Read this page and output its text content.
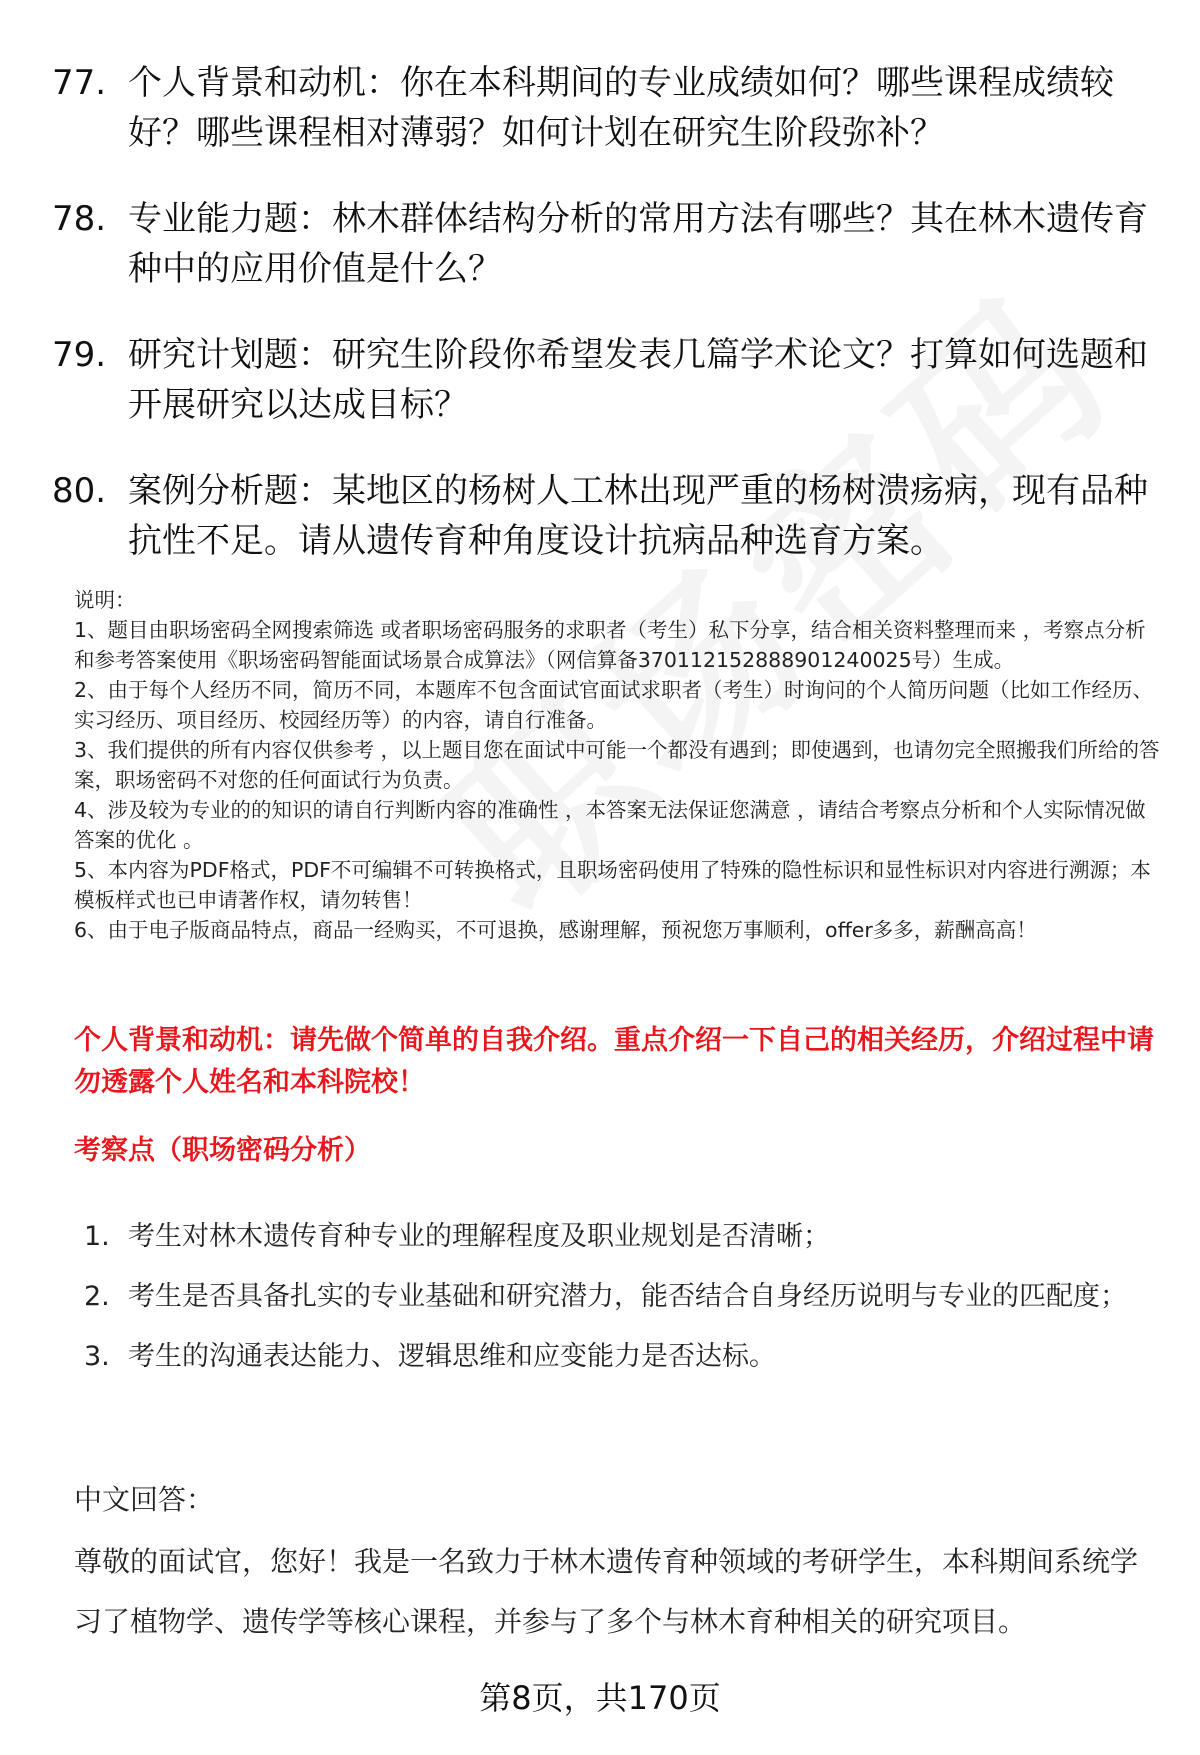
77. 个人背景和动机：你在本科期间的专业成绩如何？哪些课程成绩较好？哪些课程相对薄弱？如何计划在研究生阶段弥补？
78. 专业能力题：林木群体结构分析的常用方法有哪些？其在林木遗传育种中的应用价值是什么？
79. 研究计划题：研究生阶段你希望发表几篇学术论文？打算如何选题和开展研究以达成目标？
80. 案例分析题：某地区的杨树人工林出现严重的杨树溃疡病，现有品种抗性不足。请从遗传育种角度设计抗病品种选育方案。

说明：

1、题目由职场密码全网搜索筛选 或者职场密码服务的求职者（考生）私下分享，结合相关资料整理而来 ，考察点分析和参考答案使用《职场密码智能面试场景合成算法》（网信算备370112152888901240025号）生成。

2、由于每个人经历不同，简历不同，本题库不包含面试官面试求职者（考生）时询问的个人简历问题（比如工作经历、实习经历、项目经历、校园经历等）的内容，请自行准备。

3、我们提供的所有内容仅供参考 ，以上题目您在面试中可能一个都没有遇到；即使遇到，也请勿完全照搬我们所给的答案，职场密码不对您的任何面试行为负责。

4、涉及较为专业的的知识的请自行判断内容的准确性 ，本答案无法保证您满意 ，请结合考察点分析和个人实际情况做答案的优化 。

5、本内容为PDF格式，PDF不可编辑不可转换格式，且职场密码使用了特殊的隐性标识和显性标识对内容进行溯源；本模板样式也已申请著作权，请勿转售！

6、由于电子版商品特点，商品一经购买，不可退换，感谢理解，预祝您万事顺利，offer多多，薪酬高高！

个人背景和动机：请先做个简单的自我介绍。重点介绍一下自己的相关经历，介绍过程中请勿透露个人姓名和本科院校！
考察点（职场密码分析）
1. 考生对林木遗传育种专业的理解程度及职业规划是否清晰；
2. 考生是否具备扎实的专业基础和研究潜力，能否结合自身经历说明与专业的匹配度；
3. 考生的沟通表达能力、逻辑思维和应变能力是否达标。
中文回答：
尊敬的面试官，您好！我是一名致力于林木遗传育种领域的考研学生，本科期间系统学习了植物学、遗传学等核心课程，并参与了多个与林木育种相关的研究项目。
第8页，共170页
